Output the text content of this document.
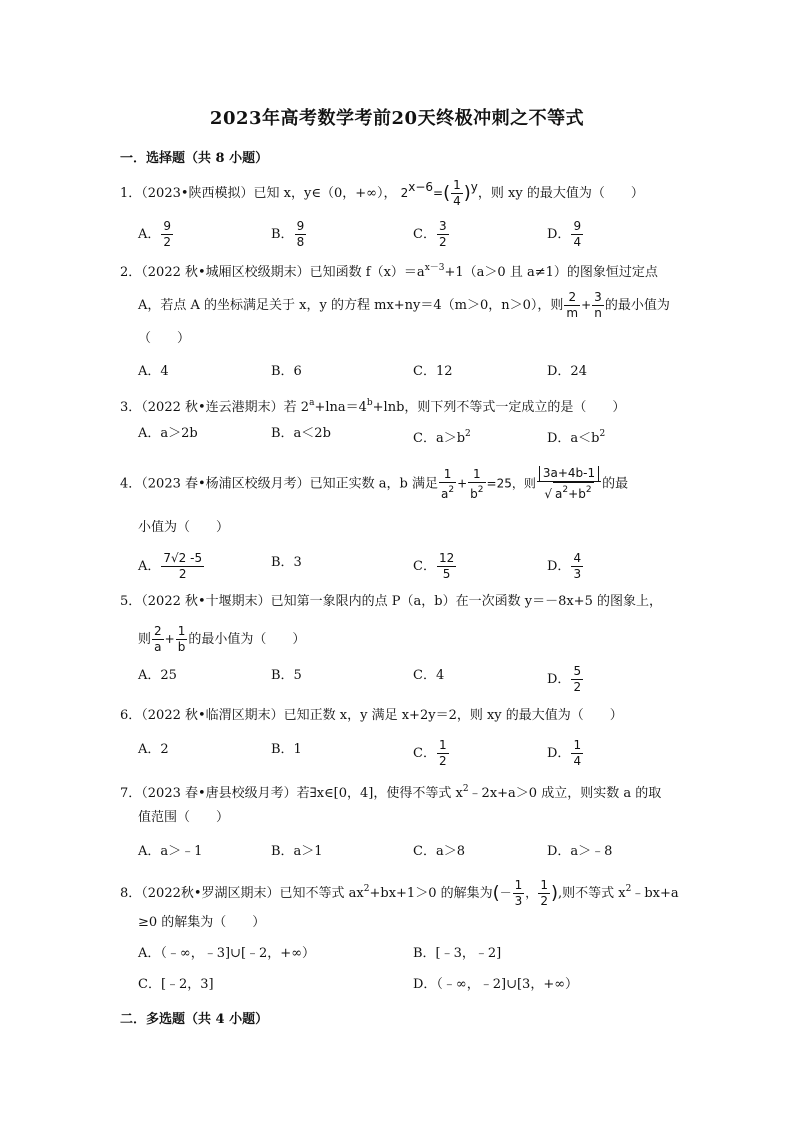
2023年高考数学考前20天终极冲刺之不等式
一．选择题（共 8 小题）
1．（2023•陕西模拟）已知 x，y∈（0，+∞）， $2x-6=( \frac{1}{4} )y$，则 xy 的最大值为（　　）
A． $\frac{9}{2}$	B． $\frac{9}{8}$	C． $\frac{3}{2}$	D． $\frac{9}{4}$
2．（2022 秋•城厢区校级期末）已知函数 $f(x)=a^{x-3}+1(a>0$ 且 a≠1）的图象恒过定点
A，若点 A 的坐标满足关于 x，y 的方程 mx+ny＝4（m＞0，n＞0），则 $\frac{2}{m} + \frac{3}{n}$ 的最小值为
（　　）
A．4	B．6	C．12	D．24
3．（2022 秋•连云港期末）若 $2^a+\ln a=4^b+\ln b$，则下列不等式一定成立的是（　　）
A．a＞2b	B．a＜2b	C．$a>b^2$	D．$a<b^2$
4．（2023 春•杨浦区校级月考）已知正实数 a，b 满足 $\frac{1}{a^2} + \frac{1}{b^2} =25$，则 $\frac{3a+4b-1}{√ a^2+b^2}$ 的最
小值为（　　）
A． $\frac{7√2 -5}{2}$	B．3	C． $\frac{12}{5}$	D． $\frac{4}{3}$
5．（2022 秋•十堰期末）已知第一象限内的点 P（a，b）在一次函数 y＝－8x+5 的图象上，
则 $\frac{2}{a} + \frac{1}{b}$ 的最小值为（　　）
A．25	B．5	C．4	D． $\frac{5}{2}$
6．（2022 秋•临渭区期末）已知正数 x，y 满足 x+2y＝2，则 xy 的最大值为（　　）
A．2	B．1	C． $\frac{1}{2}$	D． $\frac{1}{4}$
7．（2023 春•唐县校级月考）若∃x∈[0，4]，使得不等式 $x^2﹣2x+a>0$ 成立，则实数 a 的取
值范围（　　）
A．a＞﹣1	B．a＞1	C．a＞8	D．a＞﹣8
8．（2022秋•罗湖区期末）已知不等式 $ax^2+bx+1>0$ 的解集为(－ $\frac{1}{3}$ ， $\frac{1}{2}$ ),则不等式 $x^2﹣bx+a$
≥0 的解集为（　　）
A．（﹣∞，﹣3]∪[﹣2，+∞）	B．[﹣3，﹣2]
C．[﹣2，3]	D．（﹣∞，﹣2]∪[3，+∞）
二．多选题（共 4 小题）
